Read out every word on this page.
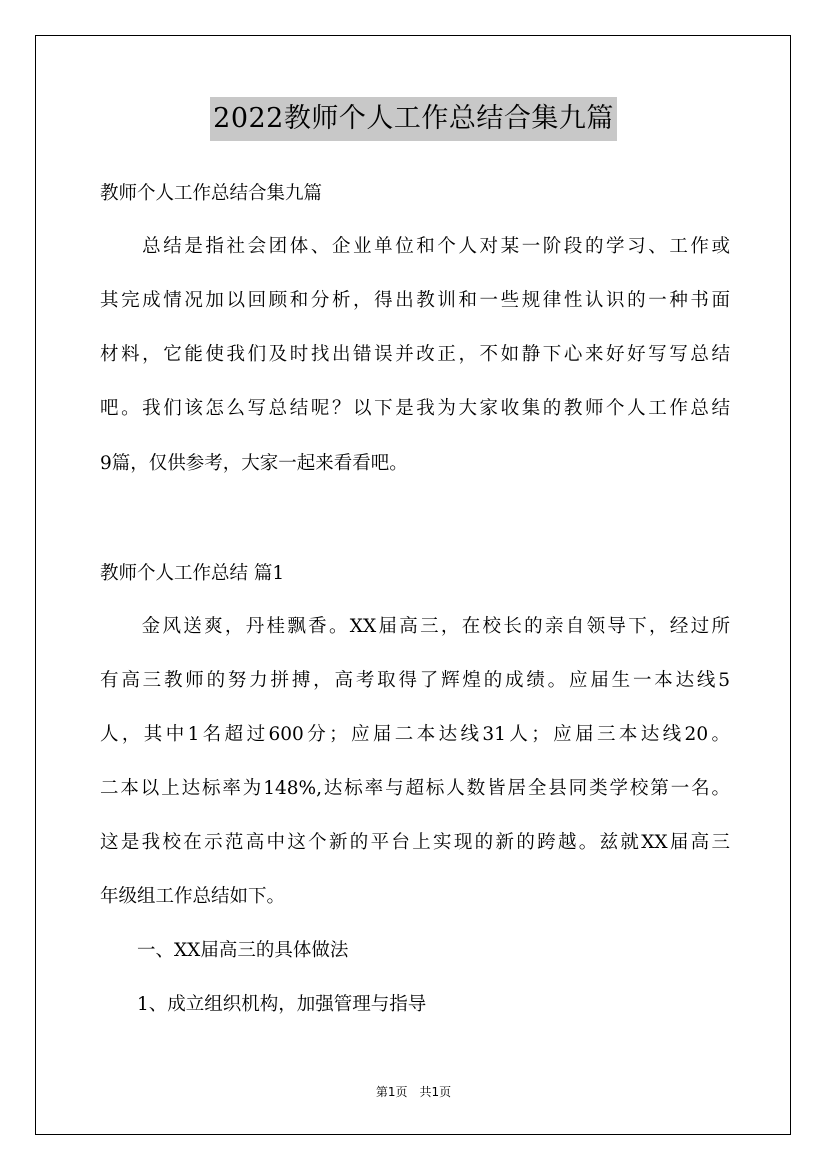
2022教师个人工作总结合集九篇
教师个人工作总结合集九篇
　　总结是指社会团体、企业单位和个人对某一阶段的学习、工作或
其完成情况加以回顾和分析，得出教训和一些规律性认识的一种书面
材料，它能使我们及时找出错误并改正，不如静下心来好好写写总结
吧。我们该怎么写总结呢？以下是我为大家收集的教师个人工作总结
9篇，仅供参考，大家一起来看看吧。
教师个人工作总结 篇1
　　金风送爽，丹桂飘香。XX届高三，在校长的亲自领导下，经过所
有高三教师的努力拼搏，高考取得了辉煌的成绩。应届生一本达线5
人，其中1名超过600分；应届二本达线31人；应届三本达线20。
二本以上达标率为148%,达标率与超标人数皆居全县同类学校第一名。
这是我校在示范高中这个新的平台上实现的新的跨越。兹就XX届高三
年级组工作总结如下。
　　一、XX届高三的具体做法
　　1、成立组织机构，加强管理与指导
第1页　共1页
